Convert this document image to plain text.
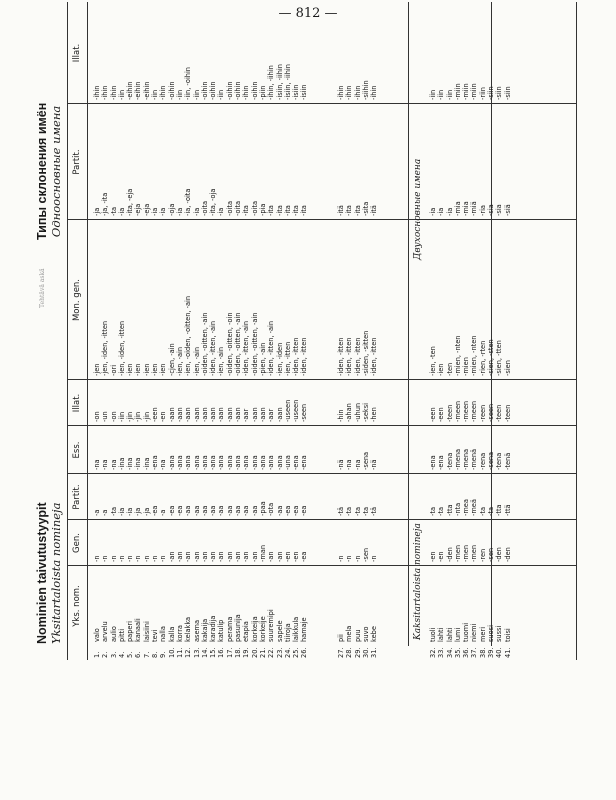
— 812 —
Nominien taivutustyypit Yksitartaloista nomineja
Tehtävä askä
Типы склонения имён Одноосновные имена
Yks. nom.
Gen.
Partit.
Ess.
Illat.
Mon. gen.
Partit.
Illat.
Kaksitartaloista nomineja
Двухосновные имена
1. 2. 3. 4. 5. 6. 7. 8. 9. 10. 11. 12. 13. 14. 15. 16. 17. 18. 19. 20. 21. 22. 23. 24. 25. 26.
valo arvelu aulio pitti paperi kanaali laisiini tevi nalla kalla korra kelakka asema kakaija karadija katulip perama pasunija etapia korkeija korkeije suuremipi sapele tiiroja laikkula hamaje
-n -n -n -n -n -n -n -n -n -an -an -an -an -an -an -an -an -an -an -an -man -an -an -en -en -ea
-a -a -ta -ia -ia -ja -ja -ea -a -ea -ea -aa -aa -aa -aa -aa -aa -aa -aa -aa -paa -ota -aa -ea -ea -ea
-na -na -na -ina -ina -ina -ina -ena -na -ana -ana -ana -ana -ana -ana -ana -ana -ana -ana -ana -ana -ana -ana -una -ena -ena
-on -un -on -iin -jin -jin -jin -een -en -aan -aan -aan -aan -aan -aan -aan -aan -aan -aar -aan -aan -aar -aan -useen -useen -seen
-jen -jen, -iden, -itten -ori -ien, -iden, -itten -ien -ien -ien -ien -ien -cjen, -ain -ien, -ain -ien, -oiden, -oitten, -ain -ien, -ain -oiden, -oitten, -ain -iden, -itten, -ain -ien, -ain -oiden, -oitten, -oin -oiden, -oitten, -ain -iden, -itten, -ain -oiden, -oitten, -ain -pien, -ain -iden, -itten, -ain -ien, -iden -ien, -itten -iden, -itten -iden, -itten
-ja -ja, -ita -ta -ia -ita, -eja -eja -eja -ia -ia -oja -ia -ia, -oita -ia -oita -ita, -oja -ia -oita -oita -ita -oita -pia -ita -ita -ita -ita -ita
-ihin -ihin -ihin -iin -eihin -eihin -eihin -iin -ihin -oihin -iin -iin, -oihin -iin -oihin -oihin -iin -oihin -oihin -ihin -oihin -piin -ihin, -iihin -isiin, -iihin -isiin, -iihin -isiin -isiin
27. 28. 29. 30. 31.
pii mela puu suvo kebe
-n -n -n -sen -n
-tä -ta -ta -ta -tä
-nä -na -na -sena -nä
-hin -ahan -uhun -seksi -hen
-iden, -itten -iden, -itten -iden, -itten -siden, -sitten -iden, -itten
-itä -ita -ita -sita -itä
-ihin -ihin -ihin -siihin -ihin
32. 33. 34. 35. 36. 37. 38. 39. 40. 41.
tuoli lahti lahti lumi tuomi niemi meri suosi sussi toisi
-en -en -den -men -men -men -ren -sen -den -den
-ta -ta -tta -nta -mea -meä -ta -ta -tta -ttä
-ena -ena -tena -mena -mena -menä -rena -sena -tena -tenä
-een -een -teen -meen -meen -meen -reen -seen -teen -teen
-ien, -ten -ien -ten -mien, -nten -mien -mien, -nten -rien, -rten -sien, -sten -sien, -tten -sien
-ia -ia -ia -mia -mia -miä -ria -sia -sia -siä
-iin -iin -iin -miin -miin -miin -riin -siin -siin -siin
